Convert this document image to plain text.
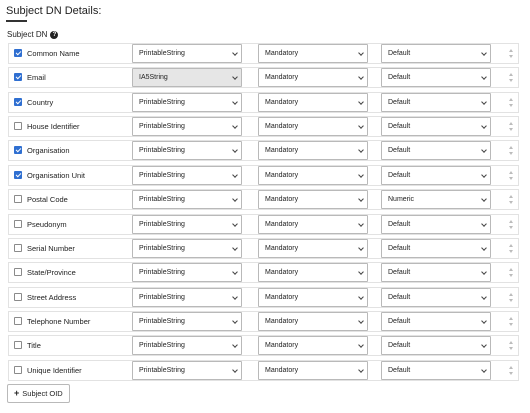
Subject DN Details:
Subject DN ?
Common Name	PrintableString	Mandatory	Default
Email	IA5String	Mandatory	Default
Country	PrintableString	Mandatory	Default
House Identifier	PrintableString	Mandatory	Default
Organisation	PrintableString	Mandatory	Default
Organisation Unit	PrintableString	Mandatory	Default
Postal Code	PrintableString	Mandatory	Numeric
Pseudonym	PrintableString	Mandatory	Default
Serial Number	PrintableString	Mandatory	Default
State/Province	PrintableString	Mandatory	Default
Street Address	PrintableString	Mandatory	Default
Telephone Number	PrintableString	Mandatory	Default
Title	PrintableString	Mandatory	Default
Unique Identifier	PrintableString	Mandatory	Default
+ Subject OID
